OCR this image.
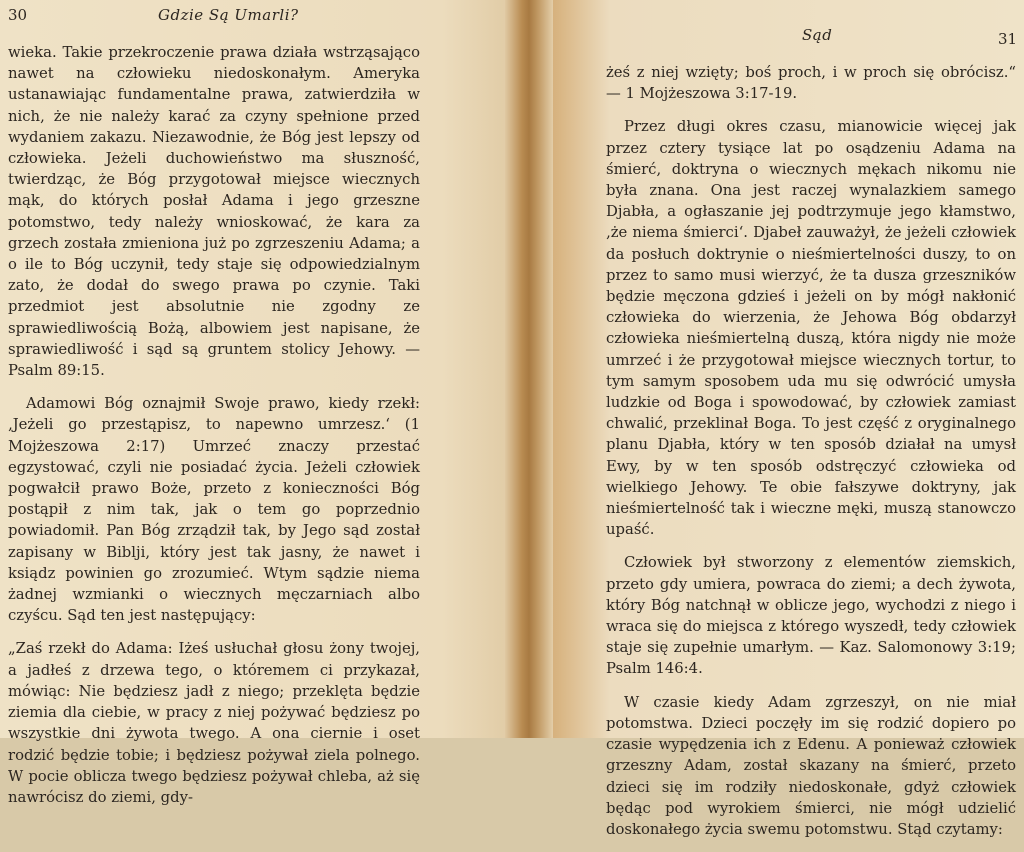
30	Gdzie Są Umarli?

wieka. Takie przekroczenie prawa działa wstrząsająco nawet na człowieku niedoskonałym. Ameryka ustanawiając fundamentalne prawa, zatwierdziła w nich, że nie należy karać za czyny spełnione przed wydaniem zakazu. Niezawodnie, że Bóg jest lepszy od człowieka. Jeżeli duchowieństwo ma słuszność, twierdząc, że Bóg przygotował miejsce wiecznych mąk, do których posłał Adama i jego grzeszne potomstwo, tedy należy wnioskować, że kara za grzech została zmieniona już po zgrzeszeniu Adama; a o ile to Bóg uczynił, tedy staje się odpowiedzialnym zato, że dodał do swego prawa po czynie. Taki przedmiot jest absolutnie nie zgodny ze sprawiedliwością Bożą, albowiem jest napisane, że sprawiedliwość i sąd są gruntem stolicy Jehowy. — Psalm 89:15.

Adamowi Bóg oznajmił Swoje prawo, kiedy rzekł: ‚Jeżeli go przestąpisz, to napewno umrzesz.‘ (1 Mojżeszowa 2:17) Umrzeć znaczy przestać egzystować, czyli nie posiadać życia. Jeżeli człowiek pogwałcił prawo Boże, przeto z konieczności Bóg postąpił z nim tak, jak o tem go poprzednio powiadomił. Pan Bóg zrządził tak, by Jego sąd został zapisany w Biblji, który jest tak jasny, że nawet i ksiądz powinien go zrozumieć. Wtym sądzie niema żadnej wzmianki o wiecznych męczarniach albo czyścu. Sąd ten jest następujący:

„Zaś rzekł do Adama: Iżeś usłuchał głosu żony twojej, a jadłeś z drzewa tego, o któremem ci przykazał, mówiąc: Nie będziesz jadł z niego; przeklęta będzie ziemia dla ciebie, w pracy z niej pożywać będziesz po wszystkie dni żywota twego. A ona ciernie i oset rodzić będzie tobie; i będziesz pożywał ziela polnego. W pocie oblicza twego będziesz pożywał chleba, aż się nawrócisz do ziemi, gdy-

Sąd	31

żeś z niej wzięty; boś proch, i w proch się obrócisz.“ — 1 Mojżeszowa 3:17-19.

Przez długi okres czasu, mianowicie więcej jak przez cztery tysiące lat po osądzeniu Adama na śmierć, doktryna o wiecznych mękach nikomu nie była znana. Ona jest raczej wynalazkiem samego Djabła, a ogłaszanie jej podtrzymuje jego kłamstwo, ‚że niema śmierci‘. Djabeł zauważył, że jeżeli człowiek da posłuch doktrynie o nieśmiertelności duszy, to on przez to samo musi wierzyć, że ta dusza grzeszników będzie męczona gdzieś i jeżeli on by mógł nakłonić człowieka do wierzenia, że Jehowa Bóg obdarzył człowieka nieśmiertelną duszą, która nigdy nie może umrzeć i że przygotował miejsce wiecznych tortur, to tym samym sposobem uda mu się odwrócić umysła ludzkie od Boga i spowodować, by człowiek zamiast chwalić, przeklinał Boga. To jest część z oryginalnego planu Djabła, który w ten sposób działał na umysł Ewy, by w ten sposób odstręczyć człowieka od wielkiego Jehowy. Te obie fałszywe doktryny, jak nieśmiertelność tak i wieczne męki, muszą stanowczo upaść.

Człowiek był stworzony z elementów ziemskich, przeto gdy umiera, powraca do ziemi; a dech żywota, który Bóg natchnął w oblicze jego, wychodzi z niego i wraca się do miejsca z którego wyszedł, tedy człowiek staje się zupełnie umarłym. — Kaz. Salomonowy 3:19; Psalm 146:4.

W czasie kiedy Adam zgrzeszył, on nie miał potomstwa. Dzieci poczęły im się rodzić dopiero po czasie wypędzenia ich z Edenu. A ponieważ człowiek grzeszny Adam, został skazany na śmierć, przeto dzieci się im rodziły niedoskonałe, gdyż człowiek będąc pod wyrokiem śmierci, nie mógł udzielić doskonałego życia swemu potomstwu. Stąd czytamy:
